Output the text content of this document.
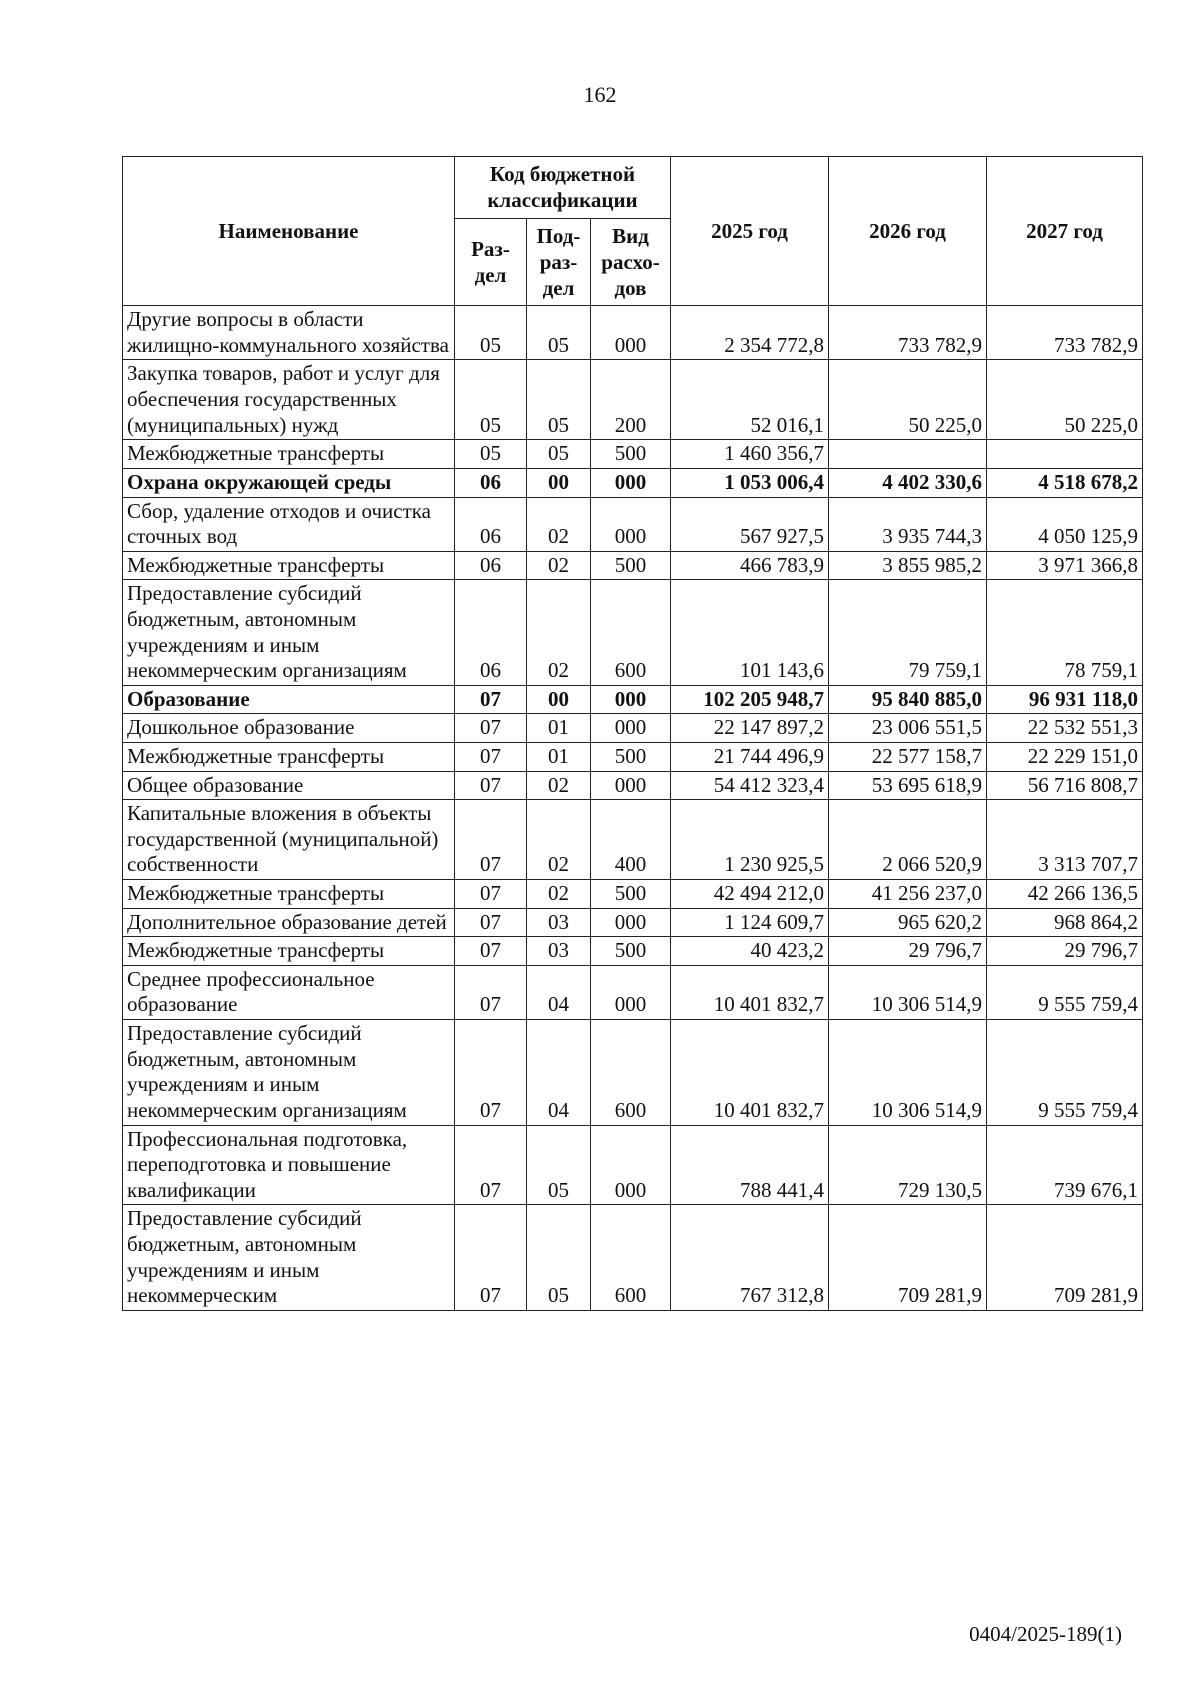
162
Наименование	Код бюджетной классификации			2025 год	2026 год	2027 год
	Раз-дел	Под-раз-дел	Вид расхо-дов			
Другие вопросы в области жилищно-коммунального хозяйства	05	05	000	2 354 772,8	733 782,9	733 782,9
Закупка товаров, работ и услуг для обеспечения государственных (муниципальных) нужд	05	05	200	52 016,1	50 225,0	50 225,0
Межбюджетные трансферты	05	05	500	1 460 356,7		
Охрана окружающей среды	06	00	000	1 053 006,4	4 402 330,6	4 518 678,2
Сбор, удаление отходов и очистка сточных вод	06	02	000	567 927,5	3 935 744,3	4 050 125,9
Межбюджетные трансферты	06	02	500	466 783,9	3 855 985,2	3 971 366,8
Предоставление субсидий бюджетным, автономным учреждениям и иным некоммерческим организациям	06	02	600	101 143,6	79 759,1	78 759,1
Образование	07	00	000	102 205 948,7	95 840 885,0	96 931 118,0
Дошкольное образование	07	01	000	22 147 897,2	23 006 551,5	22 532 551,3
Межбюджетные трансферты	07	01	500	21 744 496,9	22 577 158,7	22 229 151,0
Общее образование	07	02	000	54 412 323,4	53 695 618,9	56 716 808,7
Капитальные вложения в объекты государственной (муниципальной) собственности	07	02	400	1 230 925,5	2 066 520,9	3 313 707,7
Межбюджетные трансферты	07	02	500	42 494 212,0	41 256 237,0	42 266 136,5
Дополнительное образование детей	07	03	000	1 124 609,7	965 620,2	968 864,2
Межбюджетные трансферты	07	03	500	40 423,2	29 796,7	29 796,7
Среднее профессиональное образование	07	04	000	10 401 832,7	10 306 514,9	9 555 759,4
Предоставление субсидий бюджетным, автономным учреждениям и иным некоммерческим организациям	07	04	600	10 401 832,7	10 306 514,9	9 555 759,4
Профессиональная подготовка, переподготовка и повышение квалификации	07	05	000	788 441,4	729 130,5	739 676,1
Предоставление субсидий бюджетным, автономным учреждениям и иным некоммерческим	07	05	600	767 312,8	709 281,9	709 281,9
0404/2025-189(1)
